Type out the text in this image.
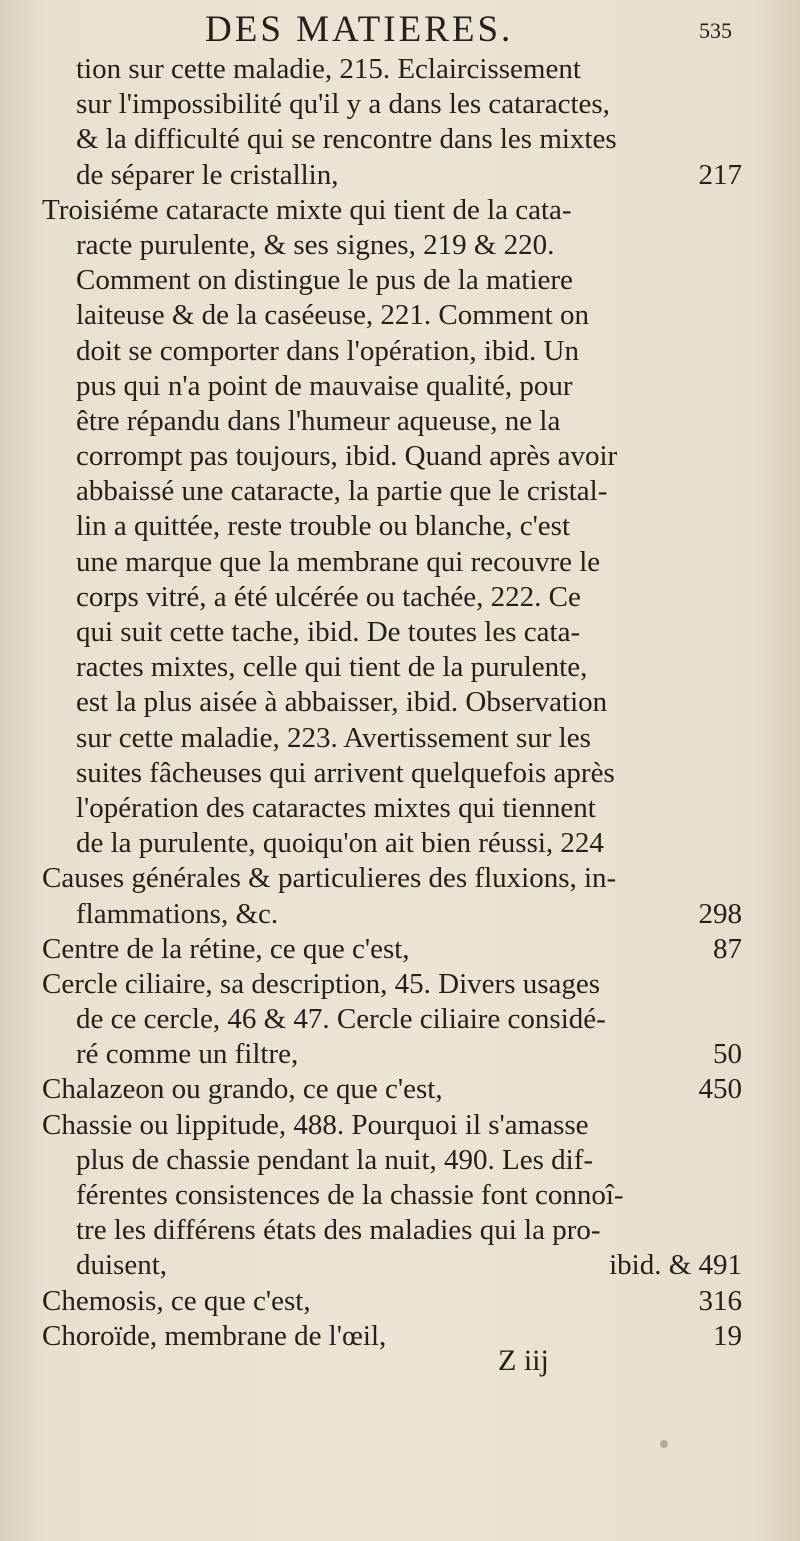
DES MATIERES.	535
tion sur cette maladie, 215. Eclaircissement
sur l'impossibilité qu'il y a dans les cataractes,
& la difficulté qui se rencontre dans les mixtes
de séparer le cristallin,	217
Troisiéme cataracte mixte qui tient de la cata-
racte purulente, & ses signes, 219 & 220.
Comment on distingue le pus de la matiere
laiteuse & de la caséeuse, 221. Comment on
doit se comporter dans l'opération, ibid. Un
pus qui n'a point de mauvaise qualité, pour
être répandu dans l'humeur aqueuse, ne la
corrompt pas toujours, ibid. Quand après avoir
abbaissé une cataracte, la partie que le cristal-
lin a quittée, reste trouble ou blanche, c'est
une marque que la membrane qui recouvre le
corps vitré, a été ulcérée ou tachée, 222. Ce
qui suit cette tache, ibid. De toutes les cata-
ractes mixtes, celle qui tient de la purulente,
est la plus aisée à abbaisser, ibid. Observation
sur cette maladie, 223. Avertissement sur les
suites fâcheuses qui arrivent quelquefois après
l'opération des cataractes mixtes qui tiennent
de la purulente, quoiqu'on ait bien réussi, 224
Causes générales & particulieres des fluxions, in-
flammations, &c.	298
Centre de la rétine, ce que c'est,	87
Cercle ciliaire, sa description, 45. Divers usages
de ce cercle, 46 & 47. Cercle ciliaire considé-
ré comme un filtre,	50
Chalazeon ou grando, ce que c'est,	450
Chassie ou lippitude, 488. Pourquoi il s'amasse
plus de chassie pendant la nuit, 490. Les dif-
férentes consistences de la chassie font connoî-
tre les différens états des maladies qui la pro-
duisent,	ibid. & 491
Chemosis, ce que c'est,	316
Choroïde, membrane de l'œil,	19
Z iij
